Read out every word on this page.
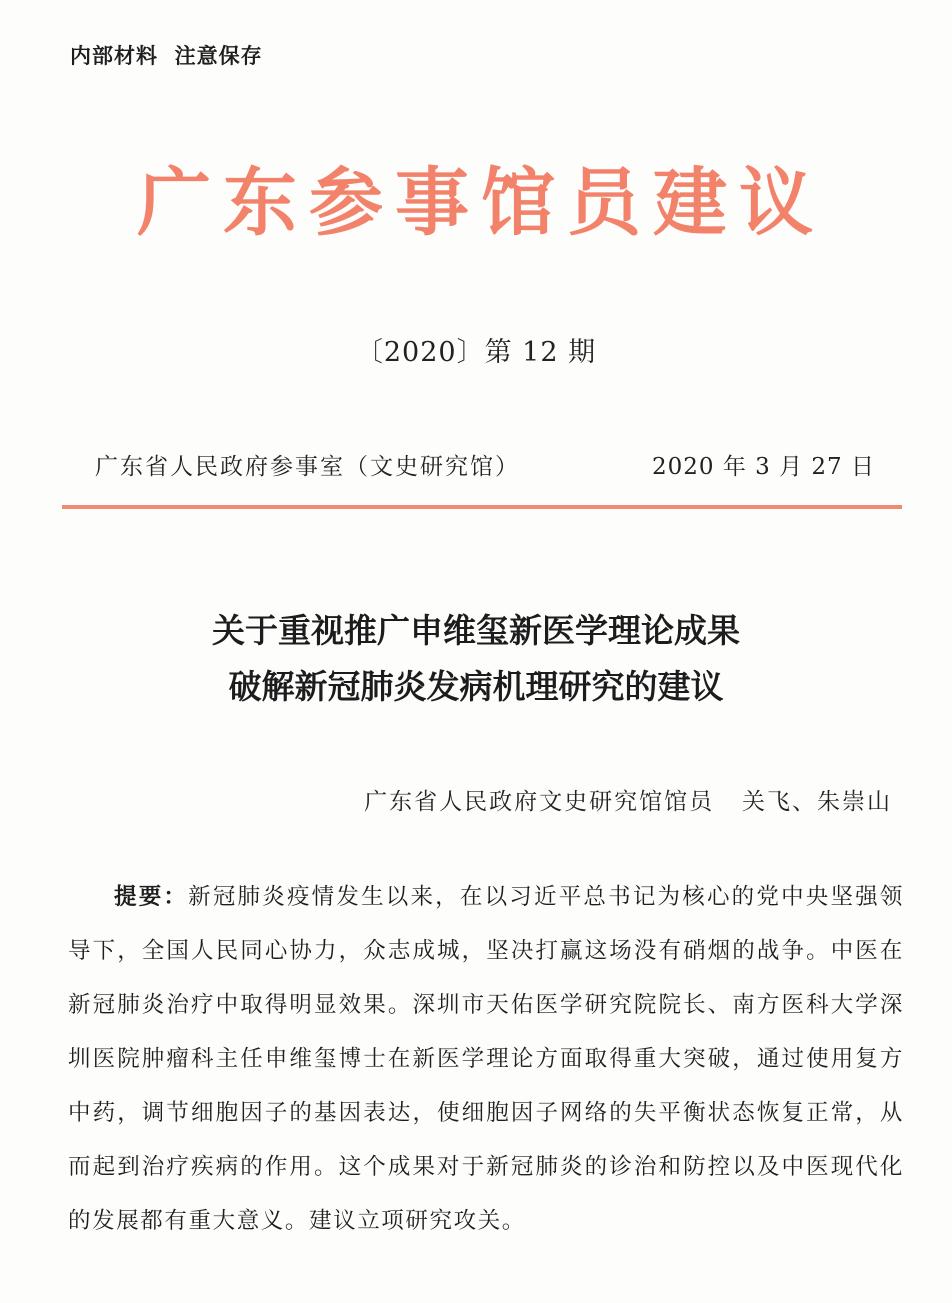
内部材料  注意保存
广东参事馆员建议
〔2020〕第 12 期
广东省人民政府参事室（文史研究馆）	2020 年 3 月 27 日
关于重视推广申维玺新医学理论成果
破解新冠肺炎发病机理研究的建议
广东省人民政府文史研究馆馆员   关飞、朱崇山
提要：新冠肺炎疫情发生以来，在以习近平总书记为核心的党中央坚强领导下，全国人民同心协力，众志成城，坚决打赢这场没有硝烟的战争。中医在新冠肺炎治疗中取得明显效果。深圳市天佑医学研究院院长、南方医科大学深圳医院肿瘤科主任申维玺博士在新医学理论方面取得重大突破，通过使用复方中药，调节细胞因子的基因表达，使细胞因子网络的失平衡状态恢复正常，从而起到治疗疾病的作用。这个成果对于新冠肺炎的诊治和防控以及中医现代化的发展都有重大意义。建议立项研究攻关。
